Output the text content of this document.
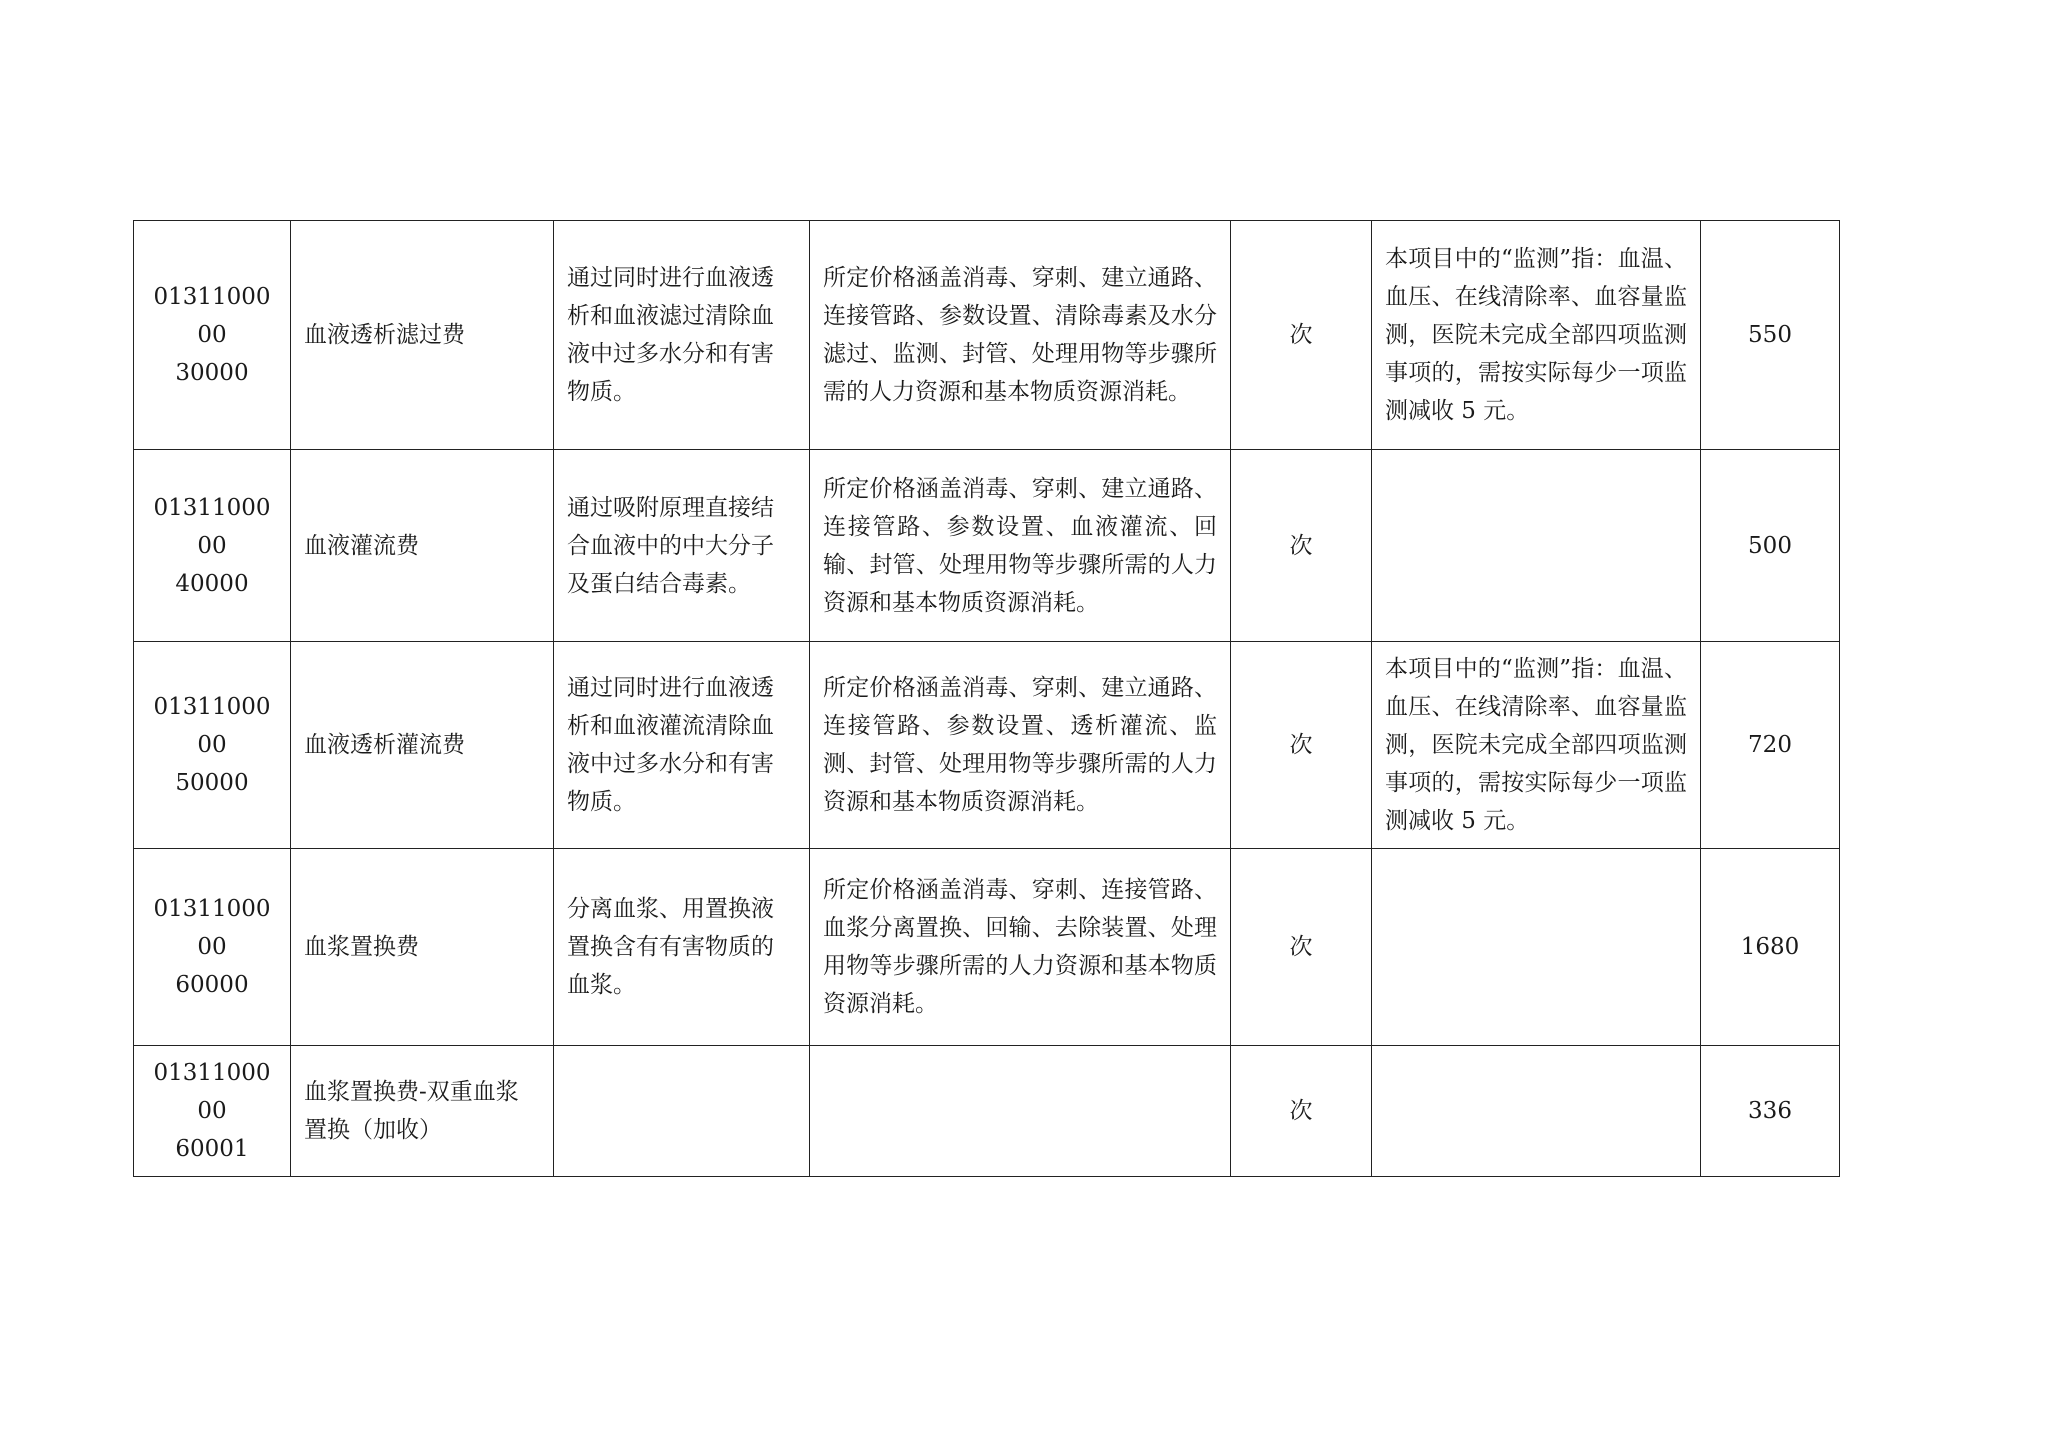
0131100000
30000	血液透析滤过费	通过同时进行血液透析和血液滤过清除血液中过多水分和有害物质。	所定价格涵盖消毒、穿刺、建立通路、连接管路、参数设置、清除毒素及水分滤过、监测、封管、处理用物等步骤所需的人力资源和基本物质资源消耗。	次	本项目中的“监测”指：血温、血压、在线清除率、血容量监测，医院未完成全部四项监测事项的，需按实际每少一项监测减收 5 元。	550

0131100000
40000	血液灌流费	通过吸附原理直接结合血液中的中大分子及蛋白结合毒素。	所定价格涵盖消毒、穿刺、建立通路、连接管路、参数设置、血液灌流、回输、封管、处理用物等步骤所需的人力资源和基本物质资源消耗。	次		500

0131100000
50000	血液透析灌流费	通过同时进行血液透析和血液灌流清除血液中过多水分和有害物质。	所定价格涵盖消毒、穿刺、建立通路、连接管路、参数设置、透析灌流、监测、封管、处理用物等步骤所需的人力资源和基本物质资源消耗。	次	本项目中的“监测”指：血温、血压、在线清除率、血容量监测，医院未完成全部四项监测事项的，需按实际每少一项监测减收 5 元。	720

0131100000
60000	血浆置换费	分离血浆、用置换液置换含有有害物质的血浆。	所定价格涵盖消毒、穿刺、连接管路、血浆分离置换、回输、去除装置、处理用物等步骤所需的人力资源和基本物质资源消耗。	次		1680

0131100000
60001	血浆置换费-双重血浆置换（加收）			次		336
